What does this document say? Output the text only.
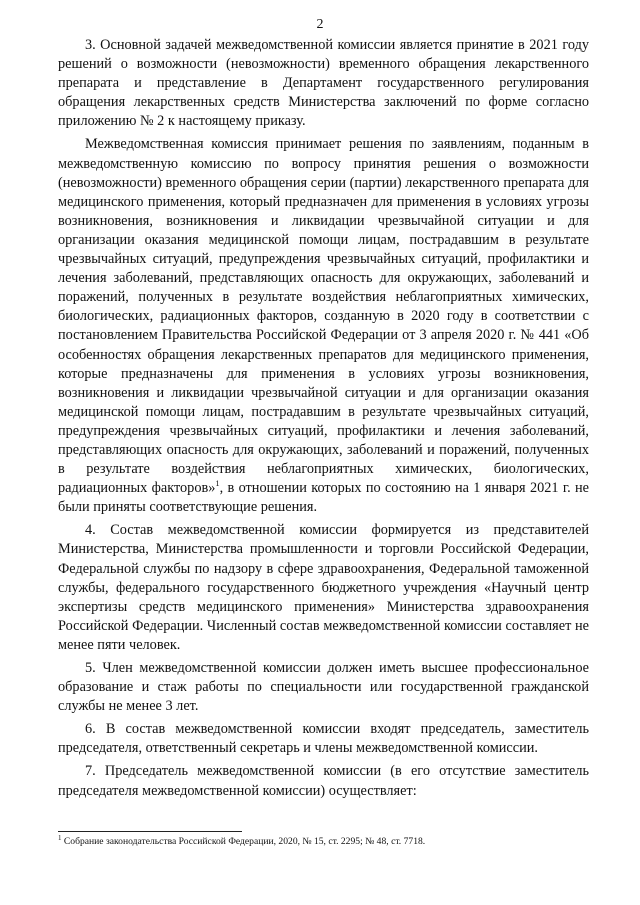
2

3. Основной задачей межведомственной комиссии является принятие в 2021 году решений о возможности (невозможности) временного обращения лекарственного препарата и представление в Департамент государственного регулирования обращения лекарственных средств Министерства заключений по форме согласно приложению № 2 к настоящему приказу.

Межведомственная комиссия принимает решения по заявлениям, поданным в межведомственную комиссию по вопросу принятия решения о возможности (невозможности) временного обращения серии (партии) лекарственного препарата для медицинского применения, который предназначен для применения в условиях угрозы возникновения, возникновения и ликвидации чрезвычайной ситуации и для организации оказания медицинской помощи лицам, пострадавшим в результате чрезвычайных ситуаций, предупреждения чрезвычайных ситуаций, профилактики и лечения заболеваний, представляющих опасность для окружающих, заболеваний и поражений, полученных в результате воздействия неблагоприятных химических, биологических, радиационных факторов, созданную в 2020 году в соответствии с постановлением Правительства Российской Федерации от 3 апреля 2020 г. № 441 «Об особенностях обращения лекарственных препаратов для медицинского применения, которые предназначены для применения в условиях угрозы возникновения, возникновения и ликвидации чрезвычайной ситуации и для организации оказания медицинской помощи лицам, пострадавшим в результате чрезвычайных ситуаций, предупреждения чрезвычайных ситуаций, профилактики и лечения заболеваний, представляющих опасность для окружающих, заболеваний и поражений, полученных в результате воздействия неблагоприятных химических, биологических, радиационных факторов»$^1$, в отношении которых по состоянию на 1 января 2021 г. не были приняты соответствующие решения.

4. Состав межведомственной комиссии формируется из представителей Министерства, Министерства промышленности и торговли Российской Федерации, Федеральной службы по надзору в сфере здравоохранения, Федеральной таможенной службы, федерального государственного бюджетного учреждения «Научный центр экспертизы средств медицинского применения» Министерства здравоохранения Российской Федерации. Численный состав межведомственной комиссии составляет не менее пяти человек.

5. Член межведомственной комиссии должен иметь высшее профессиональное образование и стаж работы по специальности или государственной гражданской службы не менее 3 лет.

6. В состав межведомственной комиссии входят председатель, заместитель председателя, ответственный секретарь и члены межведомственной комиссии.

7. Председатель межведомственной комиссии (в его отсутствие заместитель председателя межведомственной комиссии) осуществляет:

$^1$ Собрание законодательства Российской Федерации, 2020, № 15, ст. 2295; № 48, ст. 7718.
